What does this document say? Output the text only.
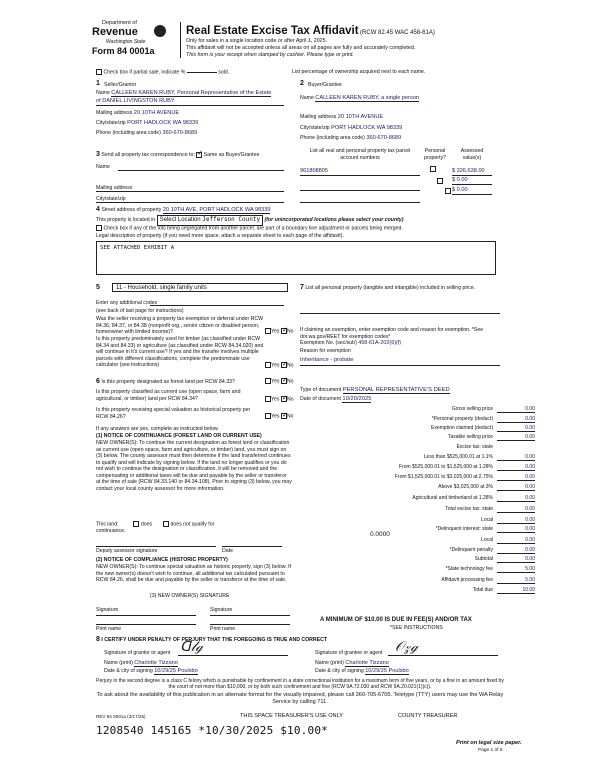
Department of
Revenue
Washington State
Form 84 0001a
Real Estate Excise Tax Affidavit (RCW 82.45 WAC 458-61A)
Only for sales in a single location code or after April 1, 2025.
This affidavit will not be accepted unless all areas on all pages are fully and accurately completed.
This form is your receipt when stamped by cashier. Please type or print.
Check box if partial sale, indicate %	sold.	List percentage of ownership acquired next to each name.
1 Seller/Grantor
Name CALLEEN KAREN RUBY, Personal Representative of the Estate
of DANIEL LIVINGSTON RUBY
Mailing address 20 10TH AVENUE
City/state/zip PORT HADLOCK WA 98339
Phone (including area code) 360-670-8689
2 Buyer/Grantee
Name CALLEEN KAREN RUBY, a single person
Mailing address 20 10TH AVENUE
City/state/zip PORT HADLOCK WA 98339
Phone (including area code) 360-670-8689
3 Send all property tax correspondence to: ✓ Same as Buyer/Grantee
Name
Mailing address
City/state/zip
List all real and personal property tax parcel account numbers
Personal property?
Assessed value(s)
961808805
	$ 326,638.00

$ 0.00
$ 0.00
4 Street address of property 20 10TH AVE, PORT HADLOCK WA 98339
This property is located in Select Location Jefferson County (for unincorporated locations please select your county)
Check box if any of the lots being segregated from another parcel, are part of a boundary line adjustment or parcels being merged.
Legal description of property (if you need more space, attach a separate sheet to each page of the affidavit).
SEE ATTACHED EXHIBIT A
5	11 - Household, single family units
Enter any additional codes
(see back of last page for instructions)
Was the seller receiving a property tax exemption or deferral under RCW 84.36, 84.37, or 84.38 (nonprofit org., senior citizen or disabled person, homeowner with limited income)?	Yes ✓ No
Is this property predominately used for timber (as classified under RCW 84.34 and 84.33) or agriculture (as classified under RCW 84.34.020) and will continue in it's current use? If yes and the transfer involves multiple parcels with different classifications, complete the predominate use calculator (see instructions)	Yes ✓ No
6 Is this property designated as forest land per RCW 84.33?	Yes ✓ No
Is this property classified as current use (open space, farm and agricultural, or timber) land per RCW 84.34?	Yes ✓ No
Is this property receiving special valuation as historical property per RCW 84.26?	Yes ✓ No
If any answers are yes, complete as instructed below.
(1) NOTICE OF CONTINUANCE (FOREST LAND OR CURRENT USE)
NEW OWNER(S): To continue the current designation as forest land or classification as current use (open space, farm and agriculture, or timber) land, you must sign on (3) below. The county assessor must then determine if the land transferred continues to qualify and will indicate by signing below. If the land no longer qualifies or you do not wish to continue the designation or classification, it will be removed and the compensating or additional taxes will be due and payable by the seller or transferor at the time of sale (RCW 84.33.140 or 84.34.108). Prior to signing (3) below, you may contact your local county assessor for more information.
This land:	does	does not qualify for
continuance.
Deputy assessor signature	Date
(2) NOTICE OF COMPLIANCE (HISTORIC PROPERTY)
NEW OWNER(S): To continue special valuation as historic property, sign (3) below. If the new owner(s) doesn't wish to continue, all additional tax calculated pursuant to RCW 84.26, shall be due and payable by the seller or transferor at the time of sale.
(3) NEW OWNER(S) SIGNATURE
Signature	Signature
Print name	Print name
7 List all personal property (tangible and intangible) included in selling price.
If claiming an exemption, enter exemption code and reason for exemption. *See dor.wa.gov/REET for exemption codes*
Exemption No. (sec/sub) 458-61A-202(6)(f)
Reason for exemption
Inheritance - probate
Type of document PERSONAL REPRESENTATIVE'S DEED
Date of document 10/20/2025
Gross selling price	0.00
*Personal property (deduct)	0.00
Exemption claimed (deduct)	0.00
Taxable selling price	0.00
Excise tax: state
Less than $525,000.01 at 1.1%	0.00
From $525,000.01 to $1,525,000 at 1.28%	0.00
From $1,525,000.01 to $3,025,000 at 2.75%	0.00
Above $3,025,000 at 3%	0.00
Agricultural and timberland at 1.28%	0.00
Total excise tax: state	0.00
Local	0.00
*Delinquent interest: state	0.00
Local	0.00
*Delinquent penalty	0.00
Subtotal	0.00
*State technology fee	5.00
Affidavit processing fee	5.00
Total due	10.00
0.0000
A MINIMUM OF $10.00 IS DUE IN FEE(S) AND/OR TAX
*SEE INSTRUCTIONS
8 I CERTIFY UNDER PENALTY OF PERJURY THAT THE FOREGOING IS TRUE AND CORRECT
Signature of grantor or agent ᗡ𝓁ℊ
Name (print) Charlotte Tizzano
Date & city of signing 10/29/25 Poulsbo
Signature of grantee or agent 𝒪𝓏ℊ
Name (print) Charlotte Tizzano
Date & city of signing 10/29/25 Poulsbo
Perjury in the second degree is a class C felony which is punishable by confinement in a state correctional institution for a maximum term of five years, or by a fine in an amount fixed by the court of not more than $10,000, or by both such confinement and fine (RCW 9A.72.030 and RCW 9A.20.021(1)(c)).
To ask about the availability of this publication in an alternate format for the visually impaired, please call 360-705-6705. Teletype (TTY) users may use the WA Relay Service by calling 711.
REV 84 0001a (3/17/25)	THIS SPACE TREASURER'S USE ONLY	COUNTY TREASURER
1208540 145165 *10/30/2025 $10.00*
Print on legal size paper.
Page 1 of 6
